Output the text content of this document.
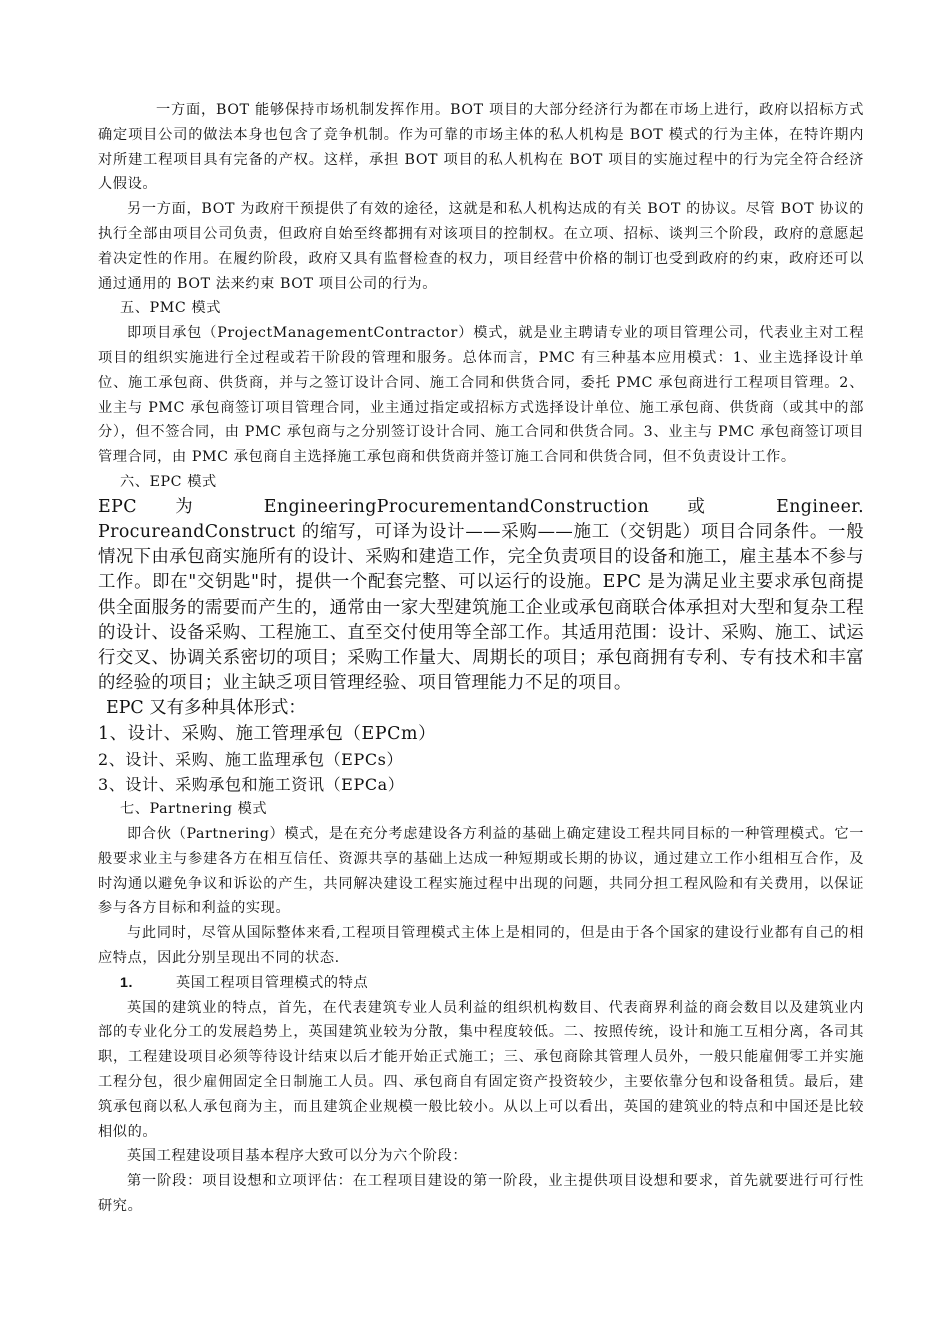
一方面，BOT 能够保持市场机制发挥作用。BOT 项目的大部分经济行为都在市场上进行，政府以招标方式确定项目公司的做法本身也包含了竞争机制。作为可靠的市场主体的私人机构是 BOT 模式的行为主体，在特许期内对所建工程项目具有完备的产权。这样，承担 BOT 项目的私人机构在 BOT 项目的实施过程中的行为完全符合经济人假设。

另一方面，BOT 为政府干预提供了有效的途径，这就是和私人机构达成的有关 BOT 的协议。尽管 BOT 协议的执行全部由项目公司负责，但政府自始至终都拥有对该项目的控制权。在立项、招标、谈判三个阶段，政府的意愿起着决定性的作用。在履约阶段，政府又具有监督检查的权力，项目经营中价格的制订也受到政府的约束，政府还可以通过通用的 BOT 法来约束 BOT 项目公司的行为。

五、PMC 模式

即项目承包（ProjectManagementContractor）模式，就是业主聘请专业的项目管理公司，代表业主对工程项目的组织实施进行全过程或若干阶段的管理和服务。总体而言，PMC 有三种基本应用模式：1、业主选择设计单位、施工承包商、供货商，并与之签订设计合同、施工合同和供货合同，委托 PMC 承包商进行工程项目管理。2、业主与 PMC 承包商签订项目管理合同，业主通过指定或招标方式选择设计单位、施工承包商、供货商（或其中的部分），但不签合同，由 PMC 承包商与之分别签订设计合同、施工合同和供货合同。3、业主与 PMC 承包商签订项目管理合同，由 PMC 承包商自主选择施工承包商和供货商并签订施工合同和供货合同，但不负责设计工作。

六、EPC 模式

EPC 为 EngineeringProcurementandConstruction 或 Engineer. ProcureandConstruct 的缩写，可译为设计——采购——施工（交钥匙）项目合同条件。一般情况下由承包商实施所有的设计、采购和建造工作，完全负责项目的设备和施工，雇主基本不参与工作。即在"交钥匙"时，提供一个配套完整、可以运行的设施。EPC 是为满足业主要求承包商提供全面服务的需要而产生的，通常由一家大型建筑施工企业或承包商联合体承担对大型和复杂工程的设计、设备采购、工程施工、直至交付使用等全部工作。其适用范围：设计、采购、施工、试运行交叉、协调关系密切的项目；采购工作量大、周期长的项目；承包商拥有专利、专有技术和丰富的经验的项目；业主缺乏项目管理经验、项目管理能力不足的项目。

EPC 又有多种具体形式：

1、设计、采购、施工管理承包（EPCm）

2、设计、采购、施工监理承包（EPCs）

3、设计、采购承包和施工资讯（EPCa）

七、Partnering 模式

即合伙（Partnering）模式，是在充分考虑建设各方利益的基础上确定建设工程共同目标的一种管理模式。它一般要求业主与参建各方在相互信任、资源共享的基础上达成一种短期或长期的协议，通过建立工作小组相互合作，及时沟通以避免争议和诉讼的产生，共同解决建设工程实施过程中出现的问题，共同分担工程风险和有关费用，以保证参与各方目标和利益的实现。

与此同时，尽管从国际整体来看,工程项目管理模式主体上是相同的，但是由于各个国家的建设行业都有自己的相应特点，因此分别呈现出不同的状态.

1.	英国工程项目管理模式的特点

英国的建筑业的特点，首先，在代表建筑专业人员利益的组织机构数目、代表商界利益的商会数目以及建筑业内部的专业化分工的发展趋势上，英国建筑业较为分散，集中程度较低。二、按照传统，设计和施工互相分离，各司其职，工程建设项目必须等待设计结束以后才能开始正式施工；三、承包商除其管理人员外，一般只能雇佣零工并实施工程分包，很少雇佣固定全日制施工人员。四、承包商自有固定资产投资较少，主要依靠分包和设备租赁。最后，建筑承包商以私人承包商为主，而且建筑企业规模一般比较小。从以上可以看出，英国的建筑业的特点和中国还是比较相似的。

英国工程建设项目基本程序大致可以分为六个阶段：

第一阶段：项目设想和立项评估：在工程项目建设的第一阶段，业主提供项目设想和要求，首先就要进行可行性研究。
